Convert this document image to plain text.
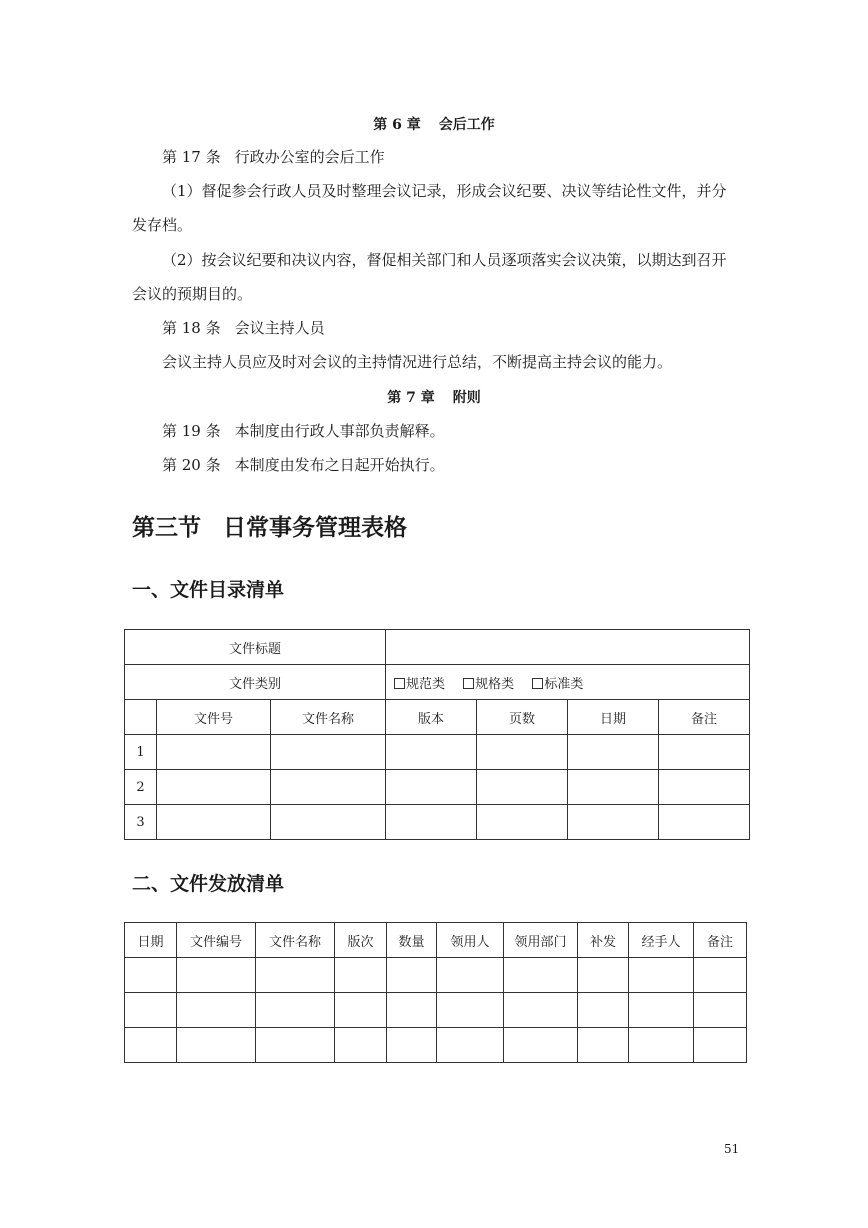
第 6 章 会后工作
第 17 条 行政办公室的会后工作
（1）督促参会行政人员及时整理会议记录，形成会议纪要、决议等结论性文件，并分发存档。
（2）按会议纪要和决议内容，督促相关部门和人员逐项落实会议决策，以期达到召开会议的预期目的。
第 18 条 会议主持人员
会议主持人员应及时对会议的主持情况进行总结，不断提高主持会议的能力。
第 7 章 附则
第 19 条 本制度由行政人事部负责解释。
第 20 条 本制度由发布之日起开始执行。
第三节 日常事务管理表格
一、文件目录清单
文件标题						
文件类别			规范类 规格类 标准类			
	文件号	文件名称	版本	页数	日期	备注
1						
2						
3						
二、文件发放清单
日期	文件编号	文件名称	版次	数量	领用人	领用部门	补发	经手人	备注

51
